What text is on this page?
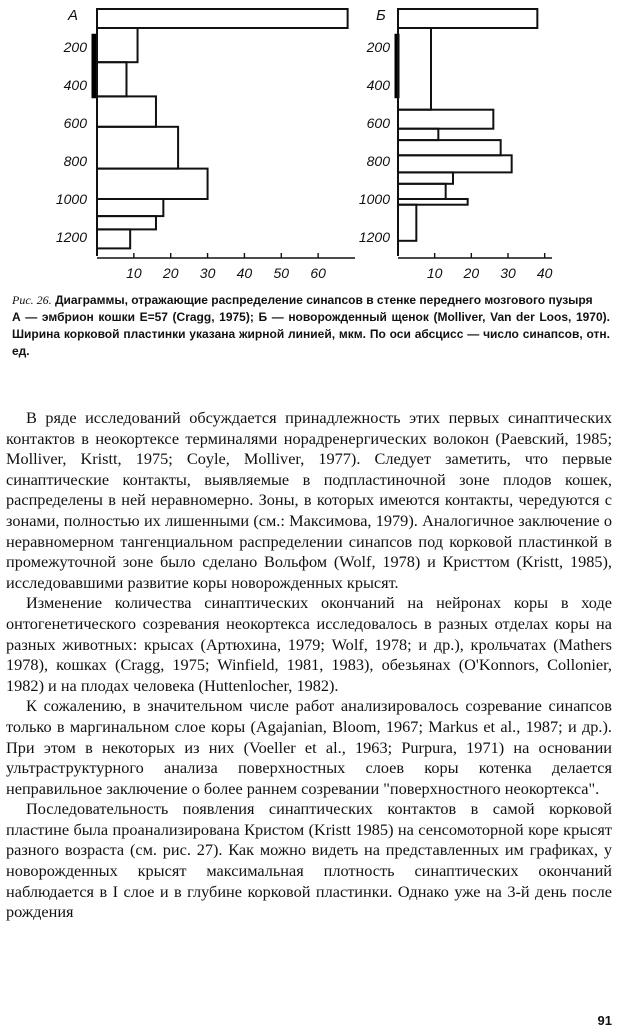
А
200
400
600
800
1000
1200
10 20 30 40 50 60
Б
200
400
600
800
1000
1200
10 20 30 40

Рис. 26. Диаграммы, отражающие распределение синапсов в стенке переднего мозгового пузыря

А — эмбрион кошки E=57 (Cragg, 1975); Б — новорожденный щенок (Molliver, Van der Loos, 1970). Ширина корковой пластинки указана жирной линией, мкм. По оси абсцисс — число синапсов, отн. ед.

В ряде исследований обсуждается принадлежность этих первых синаптических контактов в неокортексе терминалями норадренергических волокон (Раевский, 1985; Molliver, Kristt, 1975; Coyle, Molliver, 1977). Следует заметить, что первые синаптические контакты, выявляемые в подпластиночной зоне плодов кошек, распределены в ней неравномерно. Зоны, в которых имеются контакты, чередуются с зонами, полностью их лишенными (см.: Максимова, 1979). Аналогичное заключение о неравномерном тангенциальном распределении синапсов под корковой пластинкой в промежуточной зоне было сделано Вольфом (Wolf, 1978) и Кристтом (Kristt, 1985), исследовавшими развитие коры новорожденных крысят.

Изменение количества синаптических окончаний на нейронах коры в ходе онтогенетического созревания неокортекса исследовалось в разных отделах коры на разных животных: крысах (Артюхина, 1979; Wolf, 1978; и др.), крольчатах (Mathers 1978), кошках (Cragg, 1975; Winfield, 1981, 1983), обезьянах (O'Konnors, Collonier, 1982) и на плодах человека (Huttenlocher, 1982).

К сожалению, в значительном числе работ анализировалось созревание синапсов только в маргинальном слое коры (Agajanian, Bloom, 1967; Markus et al., 1987; и др.). При этом в некоторых из них (Voeller et al., 1963; Purpura, 1971) на основании ультраструктурного анализа поверхностных слоев коры котенка делается неправильное заключение о более раннем созревании "поверхностного неокортекса".

Последовательность появления синаптических контактов в самой корковой пластине была проанализирована Кристом (Kristt 1985) на сенсомоторной коре крысят разного возраста (см. рис. 27). Как можно видеть на представленных им графиках, у новорожденных крысят максимальная плотность синаптических окончаний наблюдается в I слое и в глубине корковой пластинки. Однако уже на 3-й день после рождения

91
